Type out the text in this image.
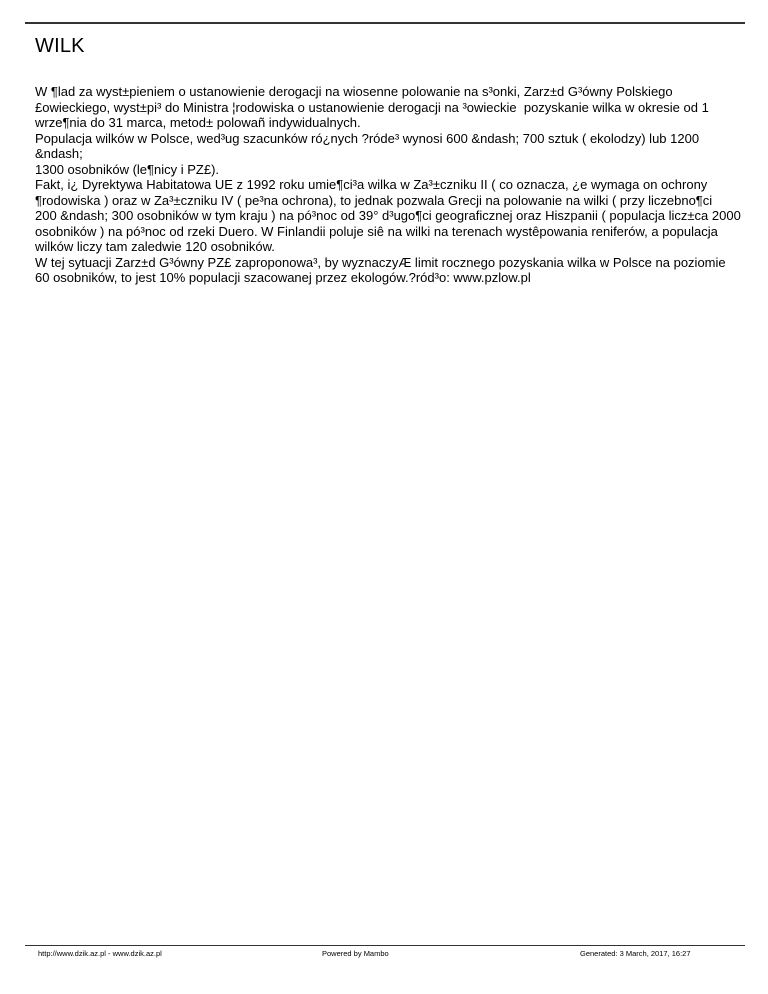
WILK

W ¶lad za wyst±pieniem o ustanowienie derogacji na wiosenne polowanie na s³onki, Zarz±d G³ówny Polskiego £owieckiego, wyst±pi³ do Ministra ¦rodowiska o ustanowienie derogacji na ³owieckie  pozyskanie wilka w okresie od 1
wrze¶nia do 31 marca, metod± polowañ indywidualnych.

Populacja wilków w Polsce, wed³ug szacunków ró¿nych ?róde³ wynosi 600 &ndash; 700 sztuk ( ekolodzy) lub 1200 &ndash;
1300 osobników (le¶nicy i PZ£).

Fakt, i¿ Dyrektywa Habitatowa UE z 1992 roku umie¶ci³a wilka w Za³±czniku II ( co oznacza, ¿e wymaga on ochrony
¶rodowiska ) oraz w Za³±czniku IV ( pe³na ochrona), to jednak pozwala Grecji na polowanie na wilki ( przy liczebno¶ci
200 &ndash; 300 osobników w tym kraju ) na pó³noc od 39° d³ugo¶ci geograficznej oraz Hiszpanii ( populacja licz±ca 2000
osobników ) na pó³noc od rzeki Duero. W Finlandii poluje siê na wilki na terenach wystêpowania reniferów, a populacja
wilków liczy tam zaledwie 120 osobników.

W tej sytuacji Zarz±d G³ówny PZ£ zaproponowa³, by wyznaczyÆ limit rocznego pozyskania wilka w Polsce na poziomie
60 osobników, to jest 10% populacji szacowanej przez ekologów.?ród³o: www.pzlow.pl

http://www.dzik.az.pl - www.dzik.az.pl	Powered by Mambo	Generated: 3 March, 2017, 16:27
